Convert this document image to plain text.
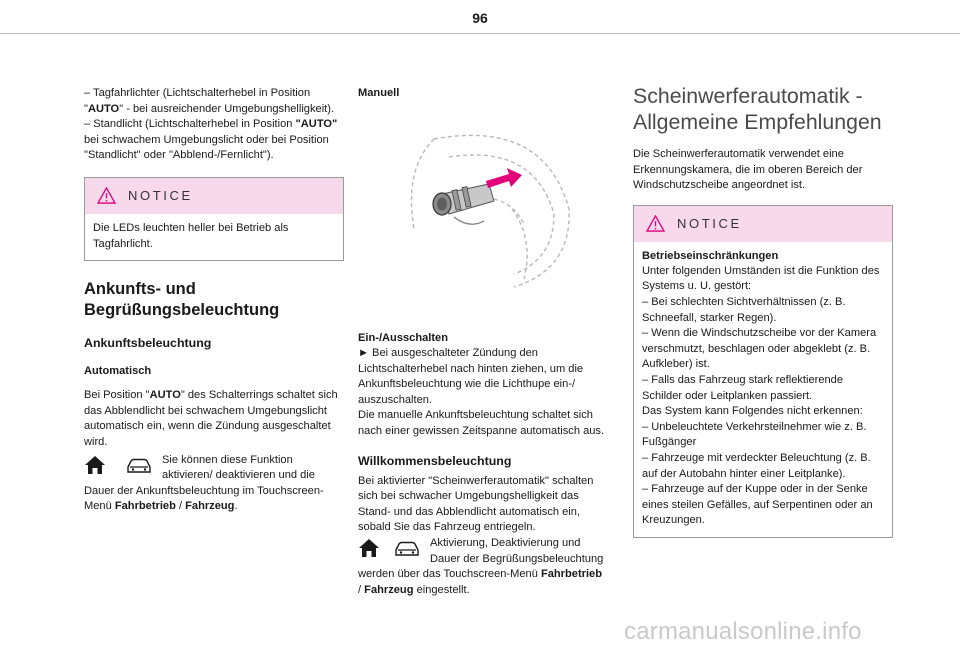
96

– Tagfahrlichter (Lichtschalterhebel in Position "AUTO" - bei ausreichender Umgebungshelligkeit).

– Standlicht (Lichtschalterhebel in Position "AUTO" bei schwachem Umgebungslicht oder bei Position "Standlicht" oder "Abblend-/Fernlicht").

NOTICE
Die LEDs leuchten heller bei Betrieb als Tagfahrlicht.
Ankunfts- und Begrüßungsbeleuchtung
Ankunftsbeleuchtung
Automatisch

Bei Position "AUTO" des Schalterrings schaltet sich das Abblendlicht bei schwachem Umgebungslicht automatisch ein, wenn die Zündung ausgeschaltet wird.

Sie können diese Funktion aktivieren/ deaktivieren und die Dauer der Ankunftsbeleuchtung im Touchscreen-Menü Fahrbetrieb / Fahrzeug.

Manuell
Ein-/Ausschalten

► Bei ausgeschalteter Zündung den Lichtschalterhebel nach hinten ziehen, um die Ankunftsbeleuchtung wie die Lichthupe ein-/ auszuschalten.

Die manuelle Ankunftsbeleuchtung schaltet sich nach einer gewissen Zeitspanne automatisch aus.

Willkommensbeleuchtung

Bei aktivierter "Scheinwerferautomatik" schalten sich bei schwacher Umgebungshelligkeit das Stand- und das Abblendlicht automatisch ein, sobald Sie das Fahrzeug entriegeln.

Aktivierung, Deaktivierung und Dauer der Begrüßungsbeleuchtung werden über das Touchscreen-Menü Fahrbetrieb / Fahrzeug eingestellt.

Scheinwerferautomatik - Allgemeine Empfehlungen

Die Scheinwerferautomatik verwendet eine Erkennungskamera, die im oberen Bereich der Windschutzscheibe angeordnet ist.

NOTICE
Betriebseinschränkungen

Unter folgenden Umständen ist die Funktion des Systems u. U. gestört:

– Bei schlechten Sichtverhältnissen (z. B. Schneefall, starker Regen).

– Wenn die Windschutzscheibe vor der Kamera verschmutzt, beschlagen oder abgeklebt (z. B. Aufkleber) ist.

– Falls das Fahrzeug stark reflektierende Schilder oder Leitplanken passiert.

Das System kann Folgendes nicht erkennen:

– Unbeleuchtete Verkehrsteilnehmer wie z. B. Fußgänger

– Fahrzeuge mit verdeckter Beleuchtung (z. B. auf der Autobahn hinter einer Leitplanke).

– Fahrzeuge auf der Kuppe oder in der Senke eines steilen Gefälles, auf Serpentinen oder an Kreuzungen.

carmanualsonline.info
